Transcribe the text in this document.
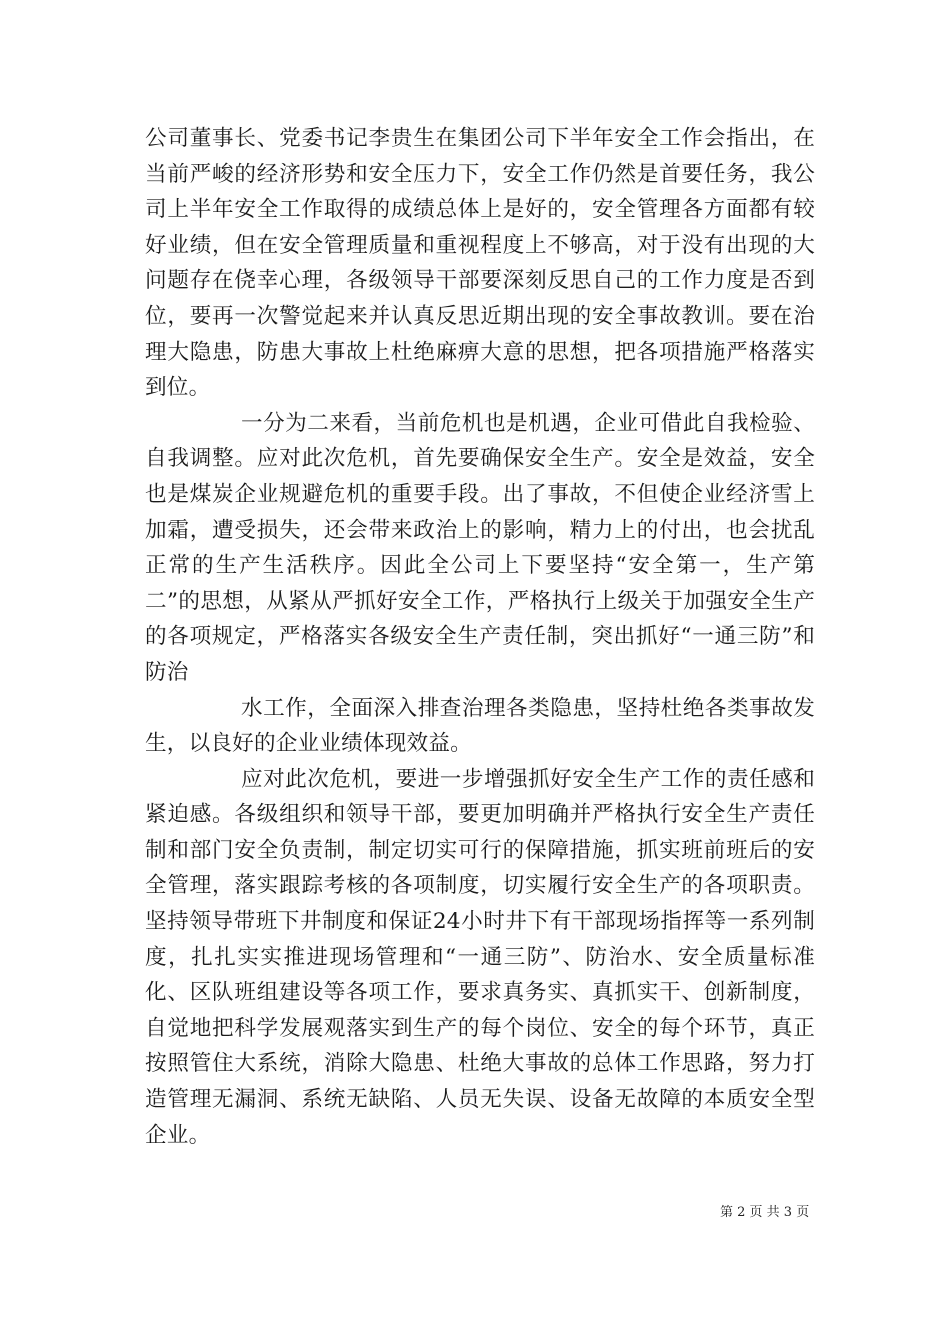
公司董事长、党委书记李贵生在集团公司下半年安全工作会指出，在当前严峻的经济形势和安全压力下，安全工作仍然是首要任务，我公司上半年安全工作取得的成绩总体上是好的，安全管理各方面都有较好业绩，但在安全管理质量和重视程度上不够高，对于没有出现的大问题存在侥幸心理，各级领导干部要深刻反思自己的工作力度是否到位，要再一次警觉起来并认真反思近期出现的安全事故教训。要在治理大隐患，防患大事故上杜绝麻痹大意的思想，把各项措施严格落实到位。

一分为二来看，当前危机也是机遇，企业可借此自我检验、自我调整。应对此次危机，首先要确保安全生产。安全是效益，安全也是煤炭企业规避危机的重要手段。出了事故，不但使企业经济雪上加霜，遭受损失，还会带来政治上的影响，精力上的付出，也会扰乱正常的生产生活秩序。因此全公司上下要坚持“安全第一，生产第二”的思想，从紧从严抓好安全工作，严格执行上级关于加强安全生产的各项规定，严格落实各级安全生产责任制，突出抓好“一通三防”和防治

水工作，全面深入排查治理各类隐患，坚持杜绝各类事故发生，以良好的企业业绩体现效益。

应对此次危机，要进一步增强抓好安全生产工作的责任感和紧迫感。各级组织和领导干部，要更加明确并严格执行安全生产责任制和部门安全负责制，制定切实可行的保障措施，抓实班前班后的安全管理，落实跟踪考核的各项制度，切实履行安全生产的各项职责。坚持领导带班下井制度和保证24小时井下有干部现场指挥等一系列制度，扎扎实实推进现场管理和“一通三防”、防治水、安全质量标准化、区队班组建设等各项工作，要求真务实、真抓实干、创新制度，自觉地把科学发展观落实到生产的每个岗位、安全的每个环节，真正按照管住大系统，消除大隐患、杜绝大事故的总体工作思路，努力打造管理无漏洞、系统无缺陷、人员无失误、设备无故障的本质安全型企业。

第 2 页 共 3 页
